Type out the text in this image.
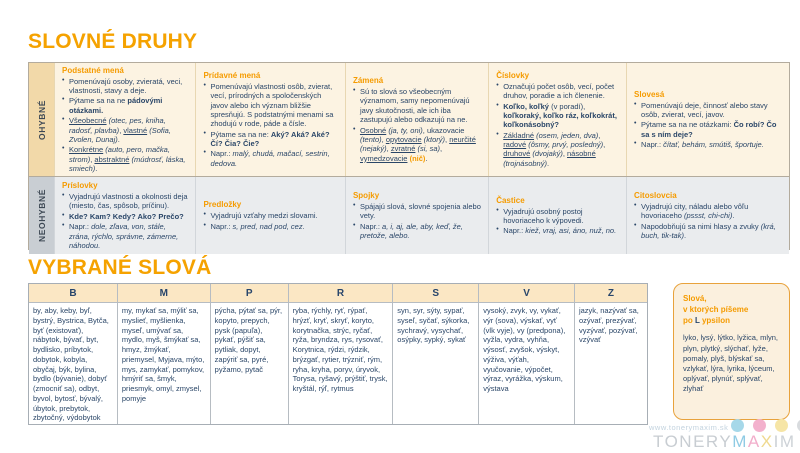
SLOVNÉ DRUHY
OHYBNÉ
Podstatné mená
• Pomenúvajú osoby, zvieratá, veci, vlastnosti, stavy a deje.
• Pýtame sa na ne pádovými otázkami.
• Všeobecné (otec, pes, kniha, radosť, plavba), vlastné (Sofia, Zvolen, Dunaj).
• Konkrétne (auto, pero, mačka, strom), abstraktné (múdrosť, láska, smiech).
Prídavné mená
• Pomenúvajú vlastnosti osôb, zvierat, vecí, prírodných a spoločenských javov alebo ich význam bližšie spresňujú. S podstatnými menami sa zhodujú v rode, páde a čísle.
• Pýtame sa na ne: Aký? Aká? Aké? Čí? Čia? Čie?
• Napr.: malý, chudá, mačací, sestrin, dedova.
Zámená
• Sú to slová so všeobecným významom, samy nepomenúvajú javy skutočnosti, ale ich iba zastupujú alebo odkazujú na ne.
• Osobné (ja, ty, oni), ukazovacie (tento), opytovacie (ktorý), neurčité (nejaký), zvratné (si, sa), vymedzovacie (nič).
Číslovky
• Označujú počet osôb, vecí, počet druhov, poradie a ich členenie.
• Koľko, koľký (v poradí), koľkoraký, koľko ráz, koľkokrát, koľkonásobný?
• Základné (osem, jeden, dva), radové (ôsmy, prvý, posledný), druhové (dvojaký), násobné (trojnásobný).
Slovesá
• Pomenúvajú deje, činnosť alebo stavy osôb, zvierat, vecí, javov.
• Pýtame sa na ne otázkami: Čo robí? Čo sa s ním deje?
• Napr.: čítať, behám, smútiš, športuje.
NEOHYBNÉ
Príslovky
• Vyjadrujú vlastnosti a okolnosti deja (miesto, čas, spôsob, príčinu).
• Kde? Kam? Kedy? Ako? Prečo?
• Napr.: dole, zľava, von, stále, zrána, rýchlo, správne, zámerne, náhodou.
Predložky
• Vyjadrujú vzťahy medzi slovami.
• Napr.: s, pred, nad pod, cez.
Spojky
• Spájajú slová, slovné spojenia alebo vety.
• Napr.: a, i, aj, ale, aby, keď, že, pretože, alebo.
Častice
• Vyjadrujú osobný postoj hovoriaceho k výpovedi.
• Napr.: kiež, vraj, asi, áno, nuž, no.
Citoslovcia
• Vyjadrujú city, náladu alebo vôľu hovoriaceho (pssst, chi-chi).
• Napodobňujú sa nimi hlasy a zvuky (krá, buch, tik-tak).
VYBRANÉ SLOVÁ
B
by, aby, keby, byľ, bystrý, Bystrica, Bytča, byť (existovať), nábytok, bývať, byt, bydlisko, príbytok, dobytok, kobyla, obyčaj, býk, bylina, bydlo (bývanie), dobyť (zmocniť sa), odbyt, byvol, bytosť, bývalý, úbytok, prebytok, zbytočný, výdobytok
M
my, mykať sa, mýliť sa, myslieť, myšlienka, myseľ, umývať sa, mydlo, myš, šmýkať sa, hmyz, žmýkať, priemysel, Myjava, mýto, mys, zamykať, pomykov, hmýriť sa, šmyk, priesmyk, omyl, zmysel, pomyje
P
pýcha, pýtať sa, pýr, kopyto, prepych, pysk (papuľa), pykať, pýšiť sa, pytliak, dopyt, zapýriť sa, pyré, pyžamo, pytač
R
ryba, rýchly, ryť, rýpať, hrýzť, kryť, skryť, koryto, korytnačka, strýc, ryčať, ryža, bryndza, rys, rysovať, Korytnica, rýdzi, rýdzik, brýzgať, rytier, trýzniť, rým, ryha, kryha, poryv, úryvok, Torysa, ryšavý, prýštiť, trysk, kryštál, rýľ, rytmus
S
syn, syr, sýty, sypať, syseľ, syčať, sýkorka, sychravý, vysychať, osýpky, sypký, sykať
V
vysoký, zvyk, vy, vykať, výr (sova), výskať, vyť (vlk vyje), vy (predpona), vyžla, vydra, vyhňa, výsosť, zvyšok, výskyt, výživa, výťah, vyučovanie, výpočet, výraz, vyrážka, výskum, výstava
Z
jazyk, nazývať sa, ozývať, prezývať, vyzývať, pozývať, vzývať
Slová,
v ktorých píšeme
po L ypsilon

lyko, lysý, lýtko, lyžica, mlyn, plyn, plytký, slýchať, lyže, pomaly, plyš, blýskať sa, vzlykať, lýra, lyrika, lýceum, oplývať, plynúť, splývať, zlyhať

www.tonerymaxim.sk
TONERYMAXIM
